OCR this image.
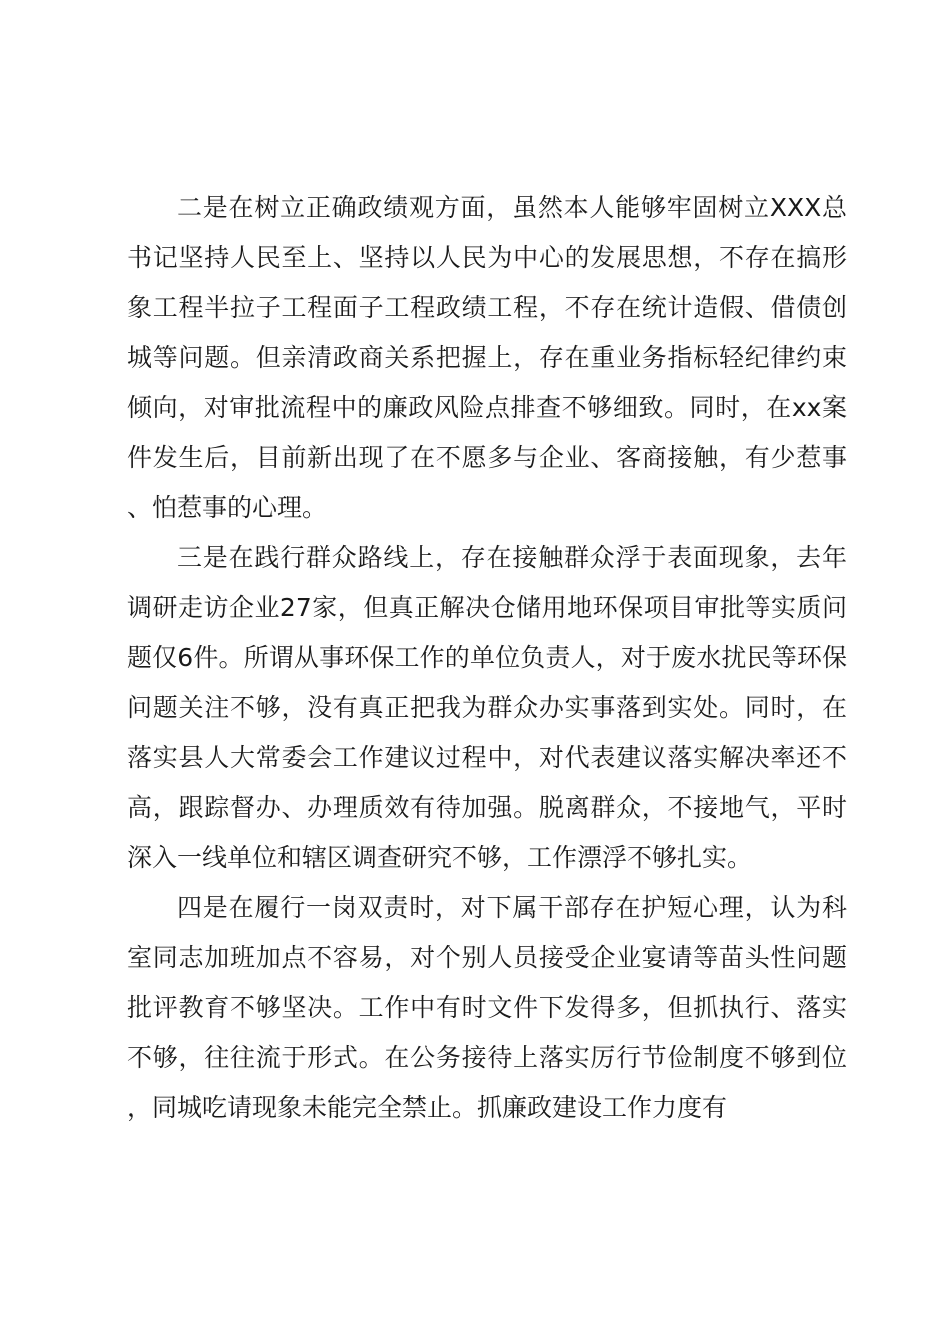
二是在树立正确政绩观方面，虽然本人能够牢固树立XXX总书记坚持人民至上、坚持以人民为中心的发展思想，不存在搞形象工程半拉子工程面子工程政绩工程，不存在统计造假、借债创城等问题。但亲清政商关系把握上，存在重业务指标轻纪律约束倾向，对审批流程中的廉政风险点排查不够细致。同时，在xx案件发生后，目前新出现了在不愿多与企业、客商接触，有少惹事、怕惹事的心理。

三是在践行群众路线上，存在接触群众浮于表面现象，去年调研走访企业27家，但真正解决仓储用地环保项目审批等实质问题仅6件。所谓从事环保工作的单位负责人，对于废水扰民等环保问题关注不够，没有真正把我为群众办实事落到实处。同时，在落实县人大常委会工作建议过程中，对代表建议落实解决率还不高，跟踪督办、办理质效有待加强。脱离群众，不接地气，平时深入一线单位和辖区调查研究不够，工作漂浮不够扎实。

四是在履行一岗双责时，对下属干部存在护短心理，认为科室同志加班加点不容易，对个别人员接受企业宴请等苗头性问题批评教育不够坚决。工作中有时文件下发得多，但抓执行、落实不够，往往流于形式。在公务接待上落实厉行节俭制度不够到位，同城吃请现象未能完全禁止。抓廉政建设工作力度有
